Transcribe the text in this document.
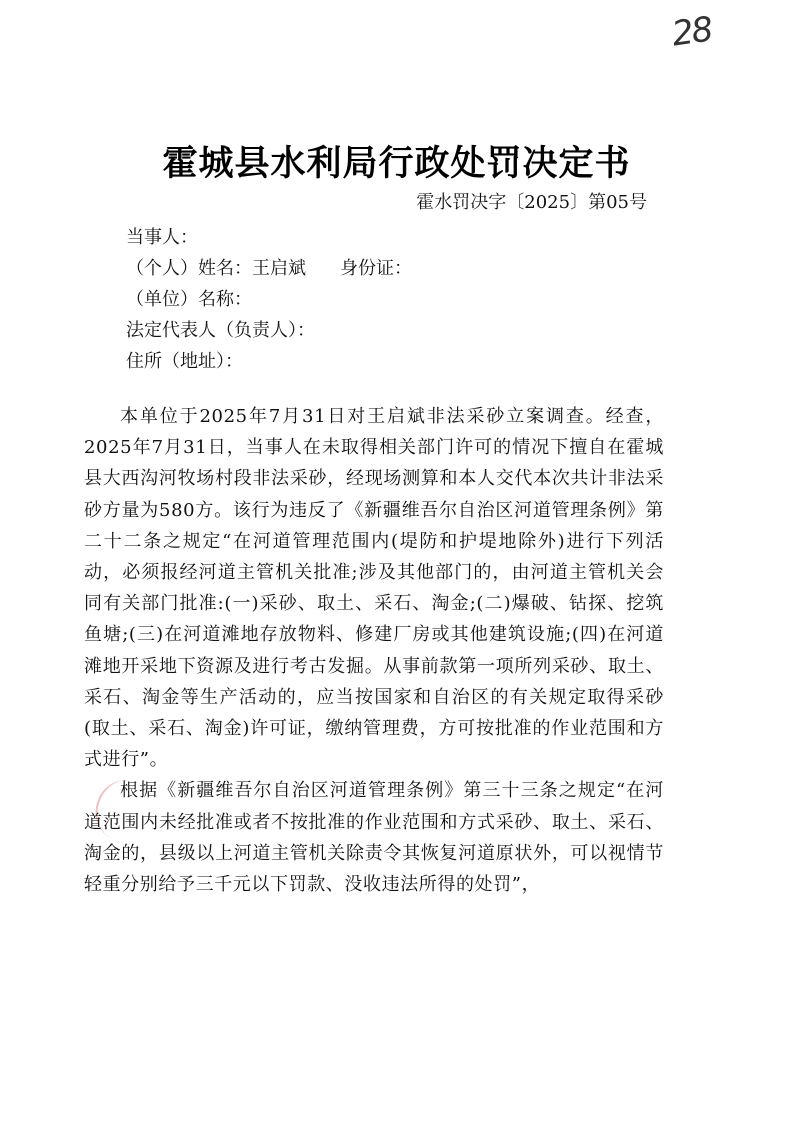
28
霍城县水利局行政处罚决定书
霍水罚决字〔2025〕第05号
当事人：
（个人）姓名：王启斌 身份证：
（单位）名称：
法定代表人（负责人）：
住所（地址）：

本单位于2025年7月31日对王启斌非法采砂立案调查。经查，2025年7月31日，当事人在未取得相关部门许可的情况下擅自在霍城县大西沟河牧场村段非法采砂，经现场测算和本人交代本次共计非法采砂方量为580方。该行为违反了《新疆维吾尔自治区河道管理条例》第二十二条之规定“在河道管理范围内(堤防和护堤地除外)进行下列活动，必须报经河道主管机关批准;涉及其他部门的，由河道主管机关会同有关部门批准:(一)采砂、取土、采石、淘金;(二)爆破、钻探、挖筑鱼塘;(三)在河道滩地存放物料、修建厂房或其他建筑设施;(四)在河道滩地开采地下资源及进行考古发掘。从事前款第一项所列采砂、取土、采石、淘金等生产活动的，应当按国家和自治区的有关规定取得采砂(取土、采石、淘金)许可证，缴纳管理费，方可按批准的作业范围和方式进行”。

根据《新疆维吾尔自治区河道管理条例》第三十三条之规定“在河道范围内未经批准或者不按批准的作业范围和方式采砂、取土、采石、淘金的，县级以上河道主管机关除责令其恢复河道原状外，可以视情节轻重分别给予三千元以下罚款、没收违法所得的处罚”，
